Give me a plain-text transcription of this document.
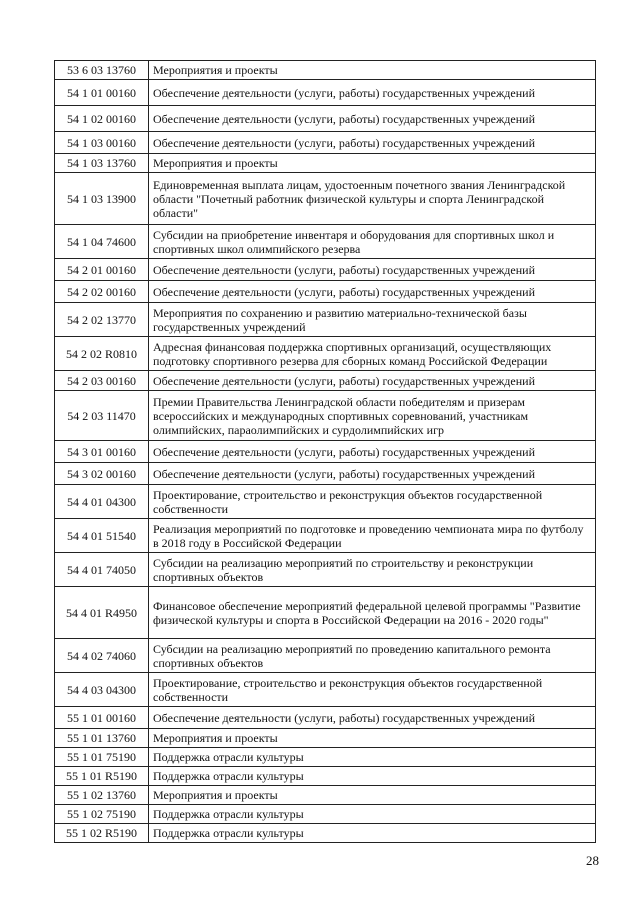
53 6 03 13760	Мероприятия и проекты
54 1 01 00160	Обеспечение деятельности (услуги, работы) государственных учреждений
54 1 02 00160	Обеспечение деятельности (услуги, работы) государственных учреждений
54 1 03 00160	Обеспечение деятельности (услуги, работы) государственных учреждений
54 1 03 13760	Мероприятия и проекты
54 1 03 13900	Единовременная выплата лицам, удостоенным почетного звания Ленинградской области "Почетный работник физической культуры и спорта Ленинградской области"
54 1 04 74600	Субсидии на приобретение инвентаря и оборудования для спортивных школ и спортивных школ олимпийского резерва
54 2 01 00160	Обеспечение деятельности (услуги, работы) государственных учреждений
54 2 02 00160	Обеспечение деятельности (услуги, работы) государственных учреждений
54 2 02 13770	Мероприятия по сохранению и развитию материально-технической базы государственных учреждений
54 2 02 R0810	Адресная финансовая поддержка спортивных организаций, осуществляющих подготовку спортивного резерва для сборных команд Российской Федерации
54 2 03 00160	Обеспечение деятельности (услуги, работы) государственных учреждений
54 2 03 11470	Премии Правительства Ленинградской области победителям и призерам всероссийских и международных спортивных соревнований, участникам олимпийских, параолимпийских и сурдолимпийских игр
54 3 01 00160	Обеспечение деятельности (услуги, работы) государственных учреждений
54 3 02 00160	Обеспечение деятельности (услуги, работы) государственных учреждений
54 4 01 04300	Проектирование, строительство и реконструкция объектов государственной собственности
54 4 01 51540	Реализация мероприятий по подготовке и проведению чемпионата мира по футболу в 2018 году в Российской Федерации
54 4 01 74050	Субсидии на реализацию мероприятий по строительству и реконструкции спортивных объектов
54 4 01 R4950	Финансовое обеспечение мероприятий федеральной целевой программы "Развитие физической культуры и спорта в Российской Федерации на 2016 - 2020 годы"
54 4 02 74060	Субсидии на реализацию мероприятий по проведению капитального ремонта спортивных объектов
54 4 03 04300	Проектирование, строительство и реконструкция объектов государственной собственности
55 1 01 00160	Обеспечение деятельности (услуги, работы) государственных учреждений
55 1 01 13760	Мероприятия и проекты
55 1 01 75190	Поддержка отрасли культуры
55 1 01 R5190	Поддержка отрасли культуры
55 1 02 13760	Мероприятия и проекты
55 1 02 75190	Поддержка отрасли культуры
55 1 02 R5190	Поддержка отрасли культуры
28
